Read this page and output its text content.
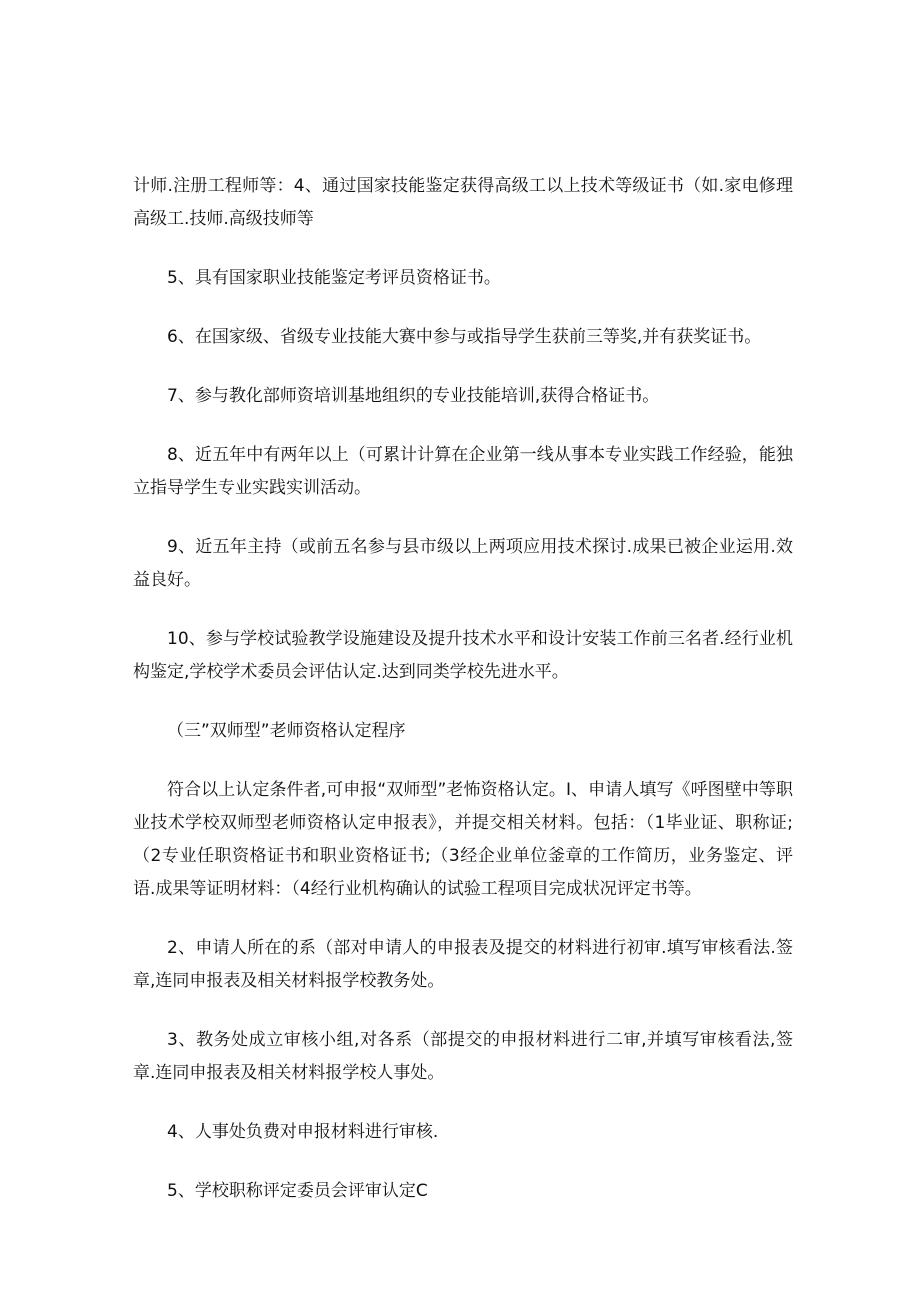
计师.注册工程师等：4、通过国家技能鉴定获得高级工以上技术等级证书（如.家电修理高级工.技师.高级技师等

5、具有国家职业技能鉴定考评员资格证书。

6、在国家级、省级专业技能大赛中参与或指导学生获前三等奖,并有获奖证书。

7、参与教化部师资培训基地组织的专业技能培训,获得合格证书。

8、近五年中有两年以上（可累计计算在企业第一线从事本专业实践工作经验，能独立指导学生专业实践实训活动。

9、近五年主持（或前五名参与县市级以上两项应用技术探讨.成果已被企业运用.效益良好。

10、参与学校试验教学设施建设及提升技术水平和设计安装工作前三名者.经行业机构鉴定,学校学术委员会评估认定.达到同类学校先进水平。

（三”双师型”老师资格认定程序

符合以上认定条件者,可申报“双师型”老怖资格认定。I、申请人填写《呼图壁中等职业技术学校双师型老师资格认定申报表》，并提交相关材料。包括：（1毕业证、职称证;（2专业任职资格证书和职业资格证书;（3经企业单位釜章的工作简历，业务鉴定、评语.成果等证明材料：（4经行业机构确认的试验工程项目完成状况评定书等。

2、申请人所在的系（部对申请人的申报表及提交的材料进行初审.填写审核看法.签章,连同申报表及相关材料报学校教务处。

3、教务处成立审核小组,对各系（部提交的申报材料进行二审,并填写审核看法,签章.连同申报表及相关材料报学校人事处。

4、人事处负费对申报材料进行审核.

5、学校职称评定委员会评审认定C
